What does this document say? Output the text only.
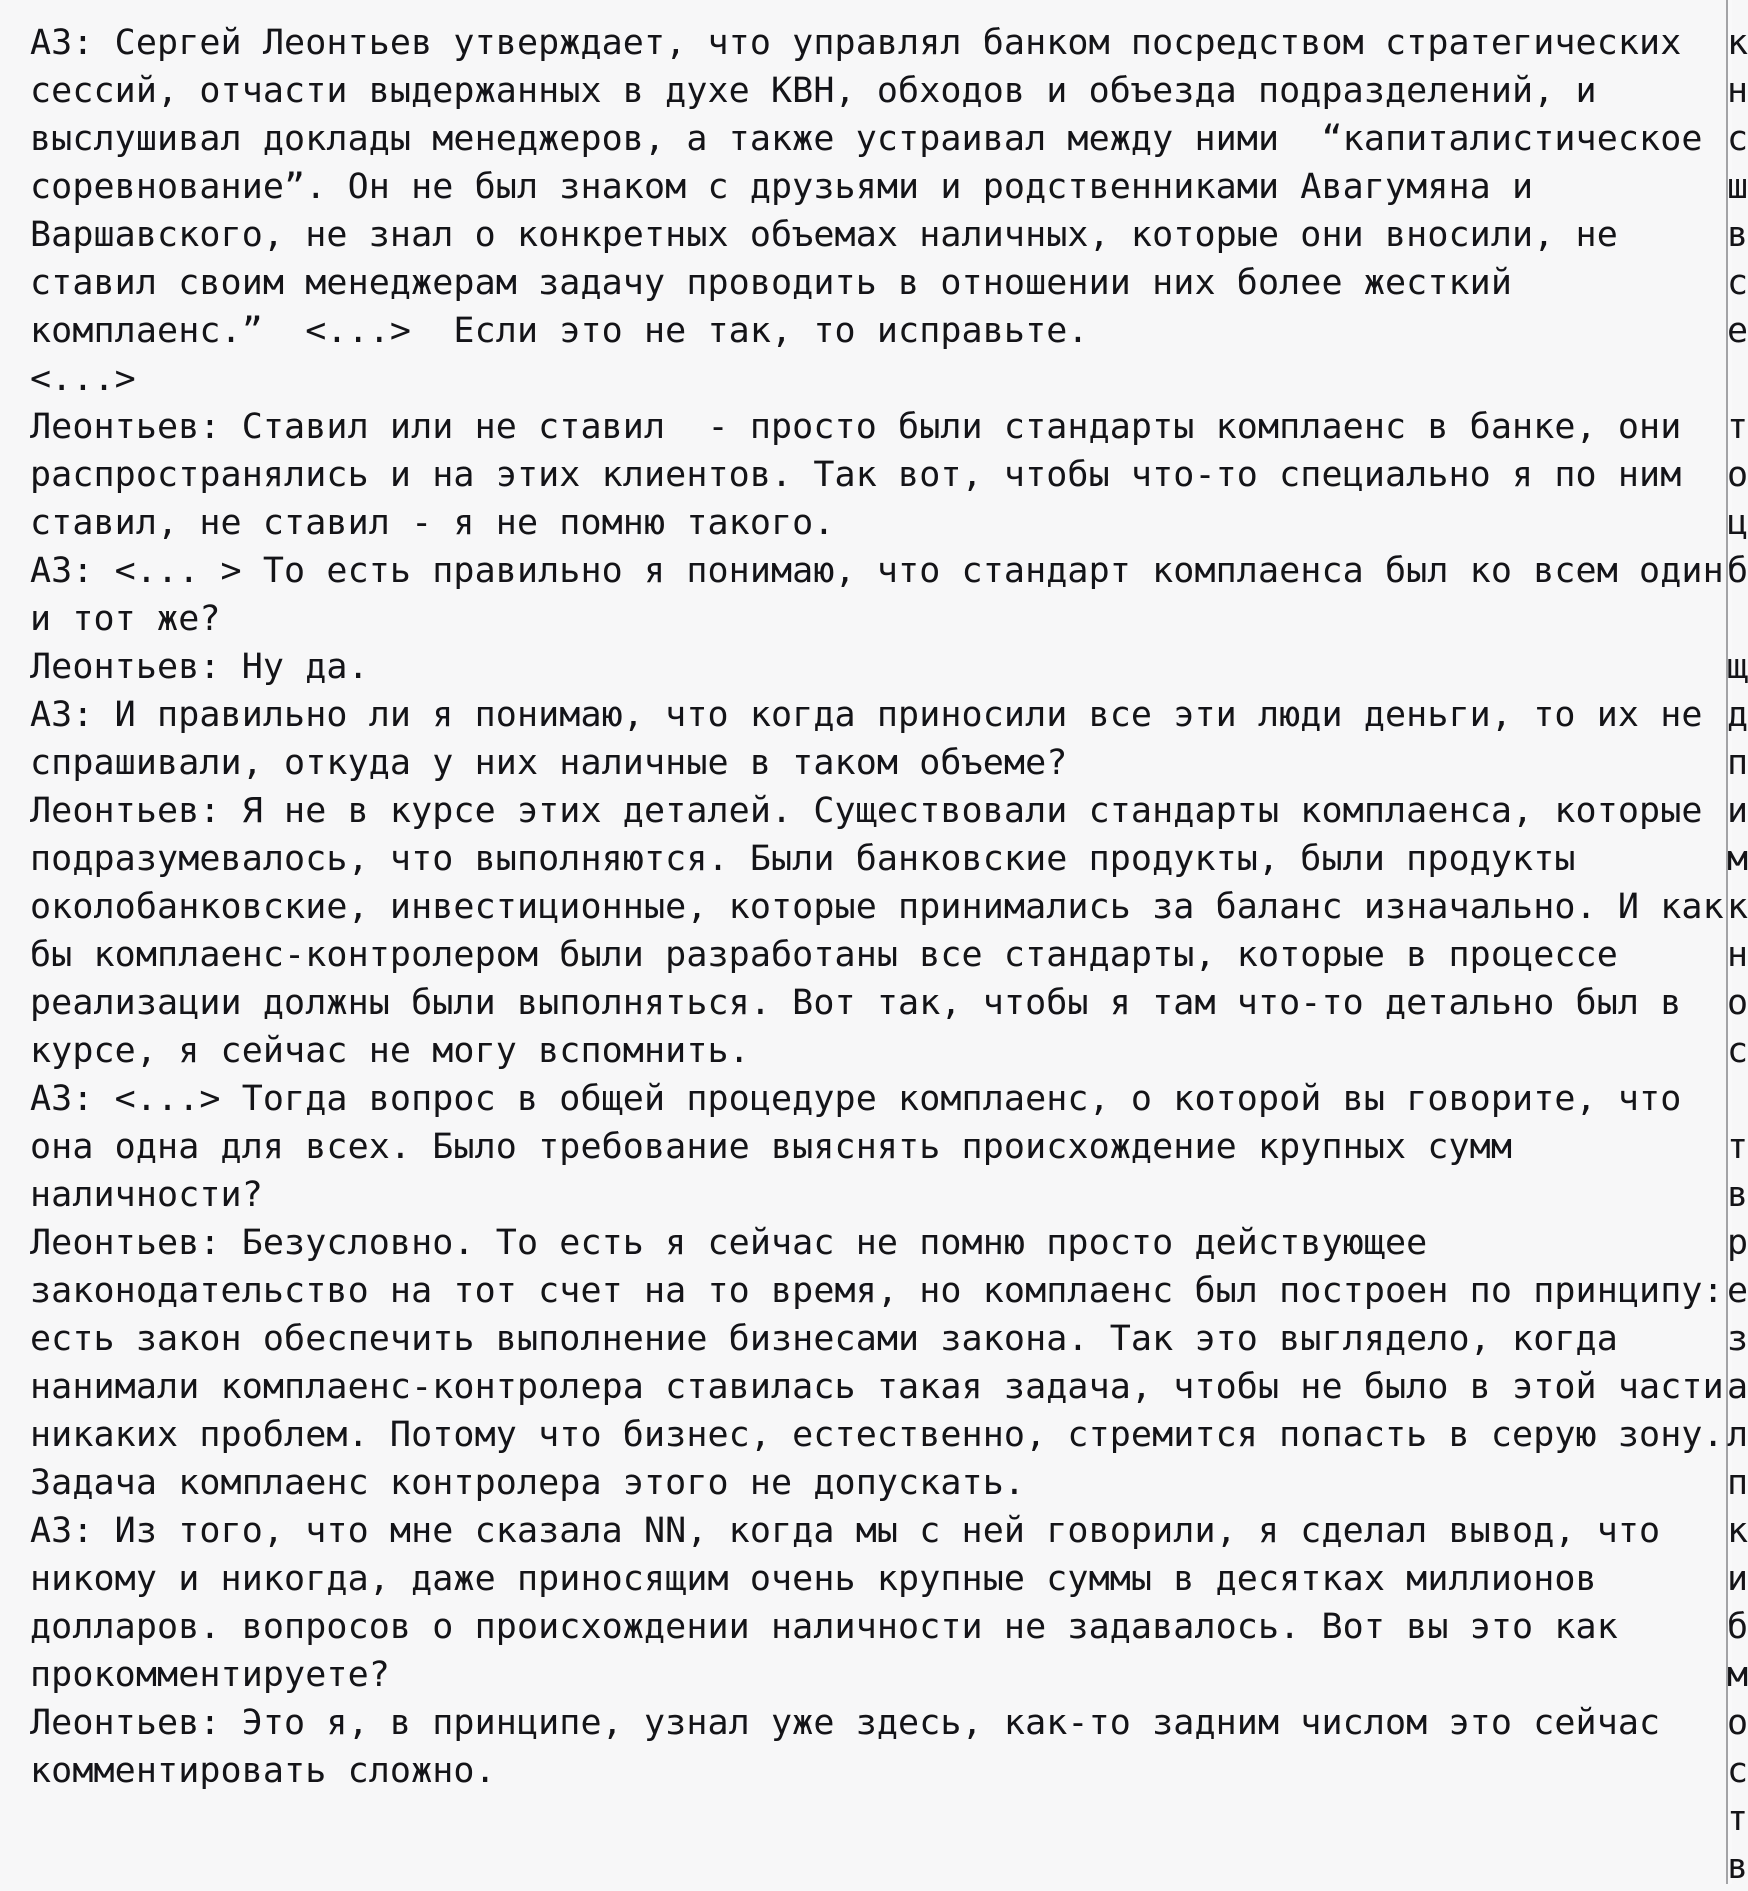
АЗ: Сергей Леонтьев утверждает, что управлял банком посредством стратегических
сессий, отчасти выдержанных в духе КВН, обходов и объезда подразделений, и
выслушивал доклады менеджеров, а также устраивал между ними  “капиталистическое
соревнование”. Он не был знаком с друзьями и родственниками Авагумяна и
Варшавского, не знал о конкретных объемах наличных, которые они вносили, не
ставил своим менеджерам задачу проводить в отношении них более жесткий
комплаенс.”  <...>  Если это не так, то исправьте.
<...>
Леонтьев: Ставил или не ставил  - просто были стандарты комплаенс в банке, они
распространялись и на этих клиентов. Так вот, чтобы что-то специально я по ним
ставил, не ставил - я не помню такого.
АЗ: <... > То есть правильно я понимаю, что стандарт комплаенса был ко всем один
и тот же?
Леонтьев: Ну да.
АЗ: И правильно ли я понимаю, что когда приносили все эти люди деньги, то их не
спрашивали, откуда у них наличные в таком объеме?
Леонтьев: Я не в курсе этих деталей. Существовали стандарты комплаенса, которые
подразумевалось, что выполняются. Были банковские продукты, были продукты
околобанковские, инвестиционные, которые принимались за баланс изначально. И как
бы комплаенс-контролером были разработаны все стандарты, которые в процессе
реализации должны были выполняться. Вот так, чтобы я там что-то детально был в
курсе, я сейчас не могу вспомнить.
АЗ: <...> Тогда вопрос в общей процедуре комплаенс, о которой вы говорите, что
она одна для всех. Было требование выяснять происхождение крупных сумм
наличности?
Леонтьев: Безусловно. То есть я сейчас не помню просто действующее
законодательство на тот счет на то время, но комплаенс был построен по принципу:
есть закон обеспечить выполнение бизнесами закона. Так это выглядело, когда
нанимали комплаенс-контролера ставилась такая задача, чтобы не было в этой части
никаких проблем. Потому что бизнес, естественно, стремится попасть в серую зону.
Задача комплаенс контролера этого не допускать.
АЗ: Из того, что мне сказала NN, когда мы с ней говорили, я сделал вывод, что
никому и никогда, даже приносящим очень крупные суммы в десятках миллионов
долларов. вопросов о происхождении наличности не задавалось. Вот вы это как
прокомментируете?
Леонтьев: Это я, в принципе, узнал уже здесь, как-то задним числом это сейчас
комментировать сложно.
к
н
с
ш
в
с
е

т
о
ц
б

щ
д
п
и
м
к
н
о
с

т
в
р
е
з
а
л
п
к
и
б
м
о
с
т
в
